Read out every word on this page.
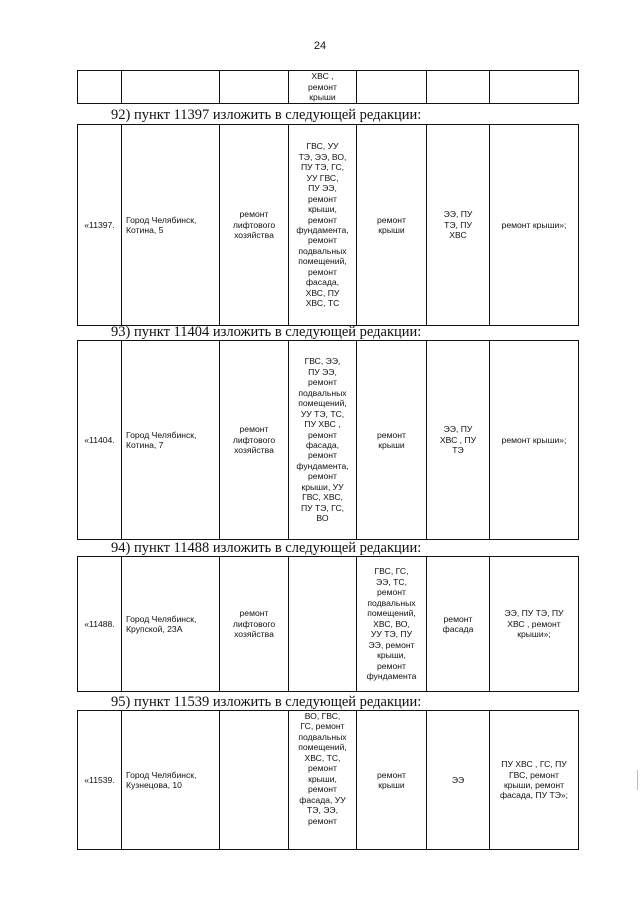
24
			ХВС ,
ремонт
крыши			
92) пункт 11397 изложить в следующей редакции:
«11397.	Город Челябинск,
Котина, 5	ремонт
лифтового
хозяйства	ГВС, УУ
ТЭ, ЭЭ, ВО,
ПУ ТЭ, ГС,
УУ ГВС,
ПУ ЭЭ,
ремонт
крыши,
ремонт
фундамента,
ремонт
подвальных
помещений,
ремонт
фасада,
ХВС, ПУ
ХВС, ТС	ремонт
крыши	ЭЭ, ПУ
ТЭ, ПУ
ХВС	ремонт крыши»;
93) пункт 11404 изложить в следующей редакции:
«11404.	Город Челябинск,
Котина, 7	ремонт
лифтового
хозяйства	ГВС, ЭЭ,
ПУ ЭЭ,
ремонт
подвальных
помещений,
УУ ТЭ, ТС,
ПУ ХВС ,
ремонт
фасада,
ремонт
фундамента,
ремонт
крыши, УУ
ГВС, ХВС,
ПУ ТЭ, ГС,
ВО	ремонт
крыши	ЭЭ, ПУ
ХВС , ПУ
ТЭ	ремонт крыши»;
94) пункт 11488 изложить в следующей редакции:
«11488.	Город Челябинск,
Крупской, 23А	ремонт
лифтового
хозяйства		ГВС, ГС,
ЭЭ, ТС,
ремонт
подвальных
помещений,
ХВС, ВО,
УУ ТЭ, ПУ
ЭЭ, ремонт
крыши,
ремонт
фундамента	ремонт
фасада	ЭЭ, ПУ ТЭ, ПУ
ХВС , ремонт
крыши»;
95) пункт 11539 изложить в следующей редакции:
«11539.	Город Челябинск,
Кузнецова, 10		ВО, ГВС,
ГС, ремонт
подвальных
помещений,
ХВС, ТС,
ремонт
крыши,
ремонт
фасада, УУ
ТЭ, ЭЭ,
ремонт	ремонт
крыши	ЭЭ	ПУ ХВС , ГС, ПУ
ГВС, ремонт
крыши, ремонт
фасада, ПУ ТЭ»;
